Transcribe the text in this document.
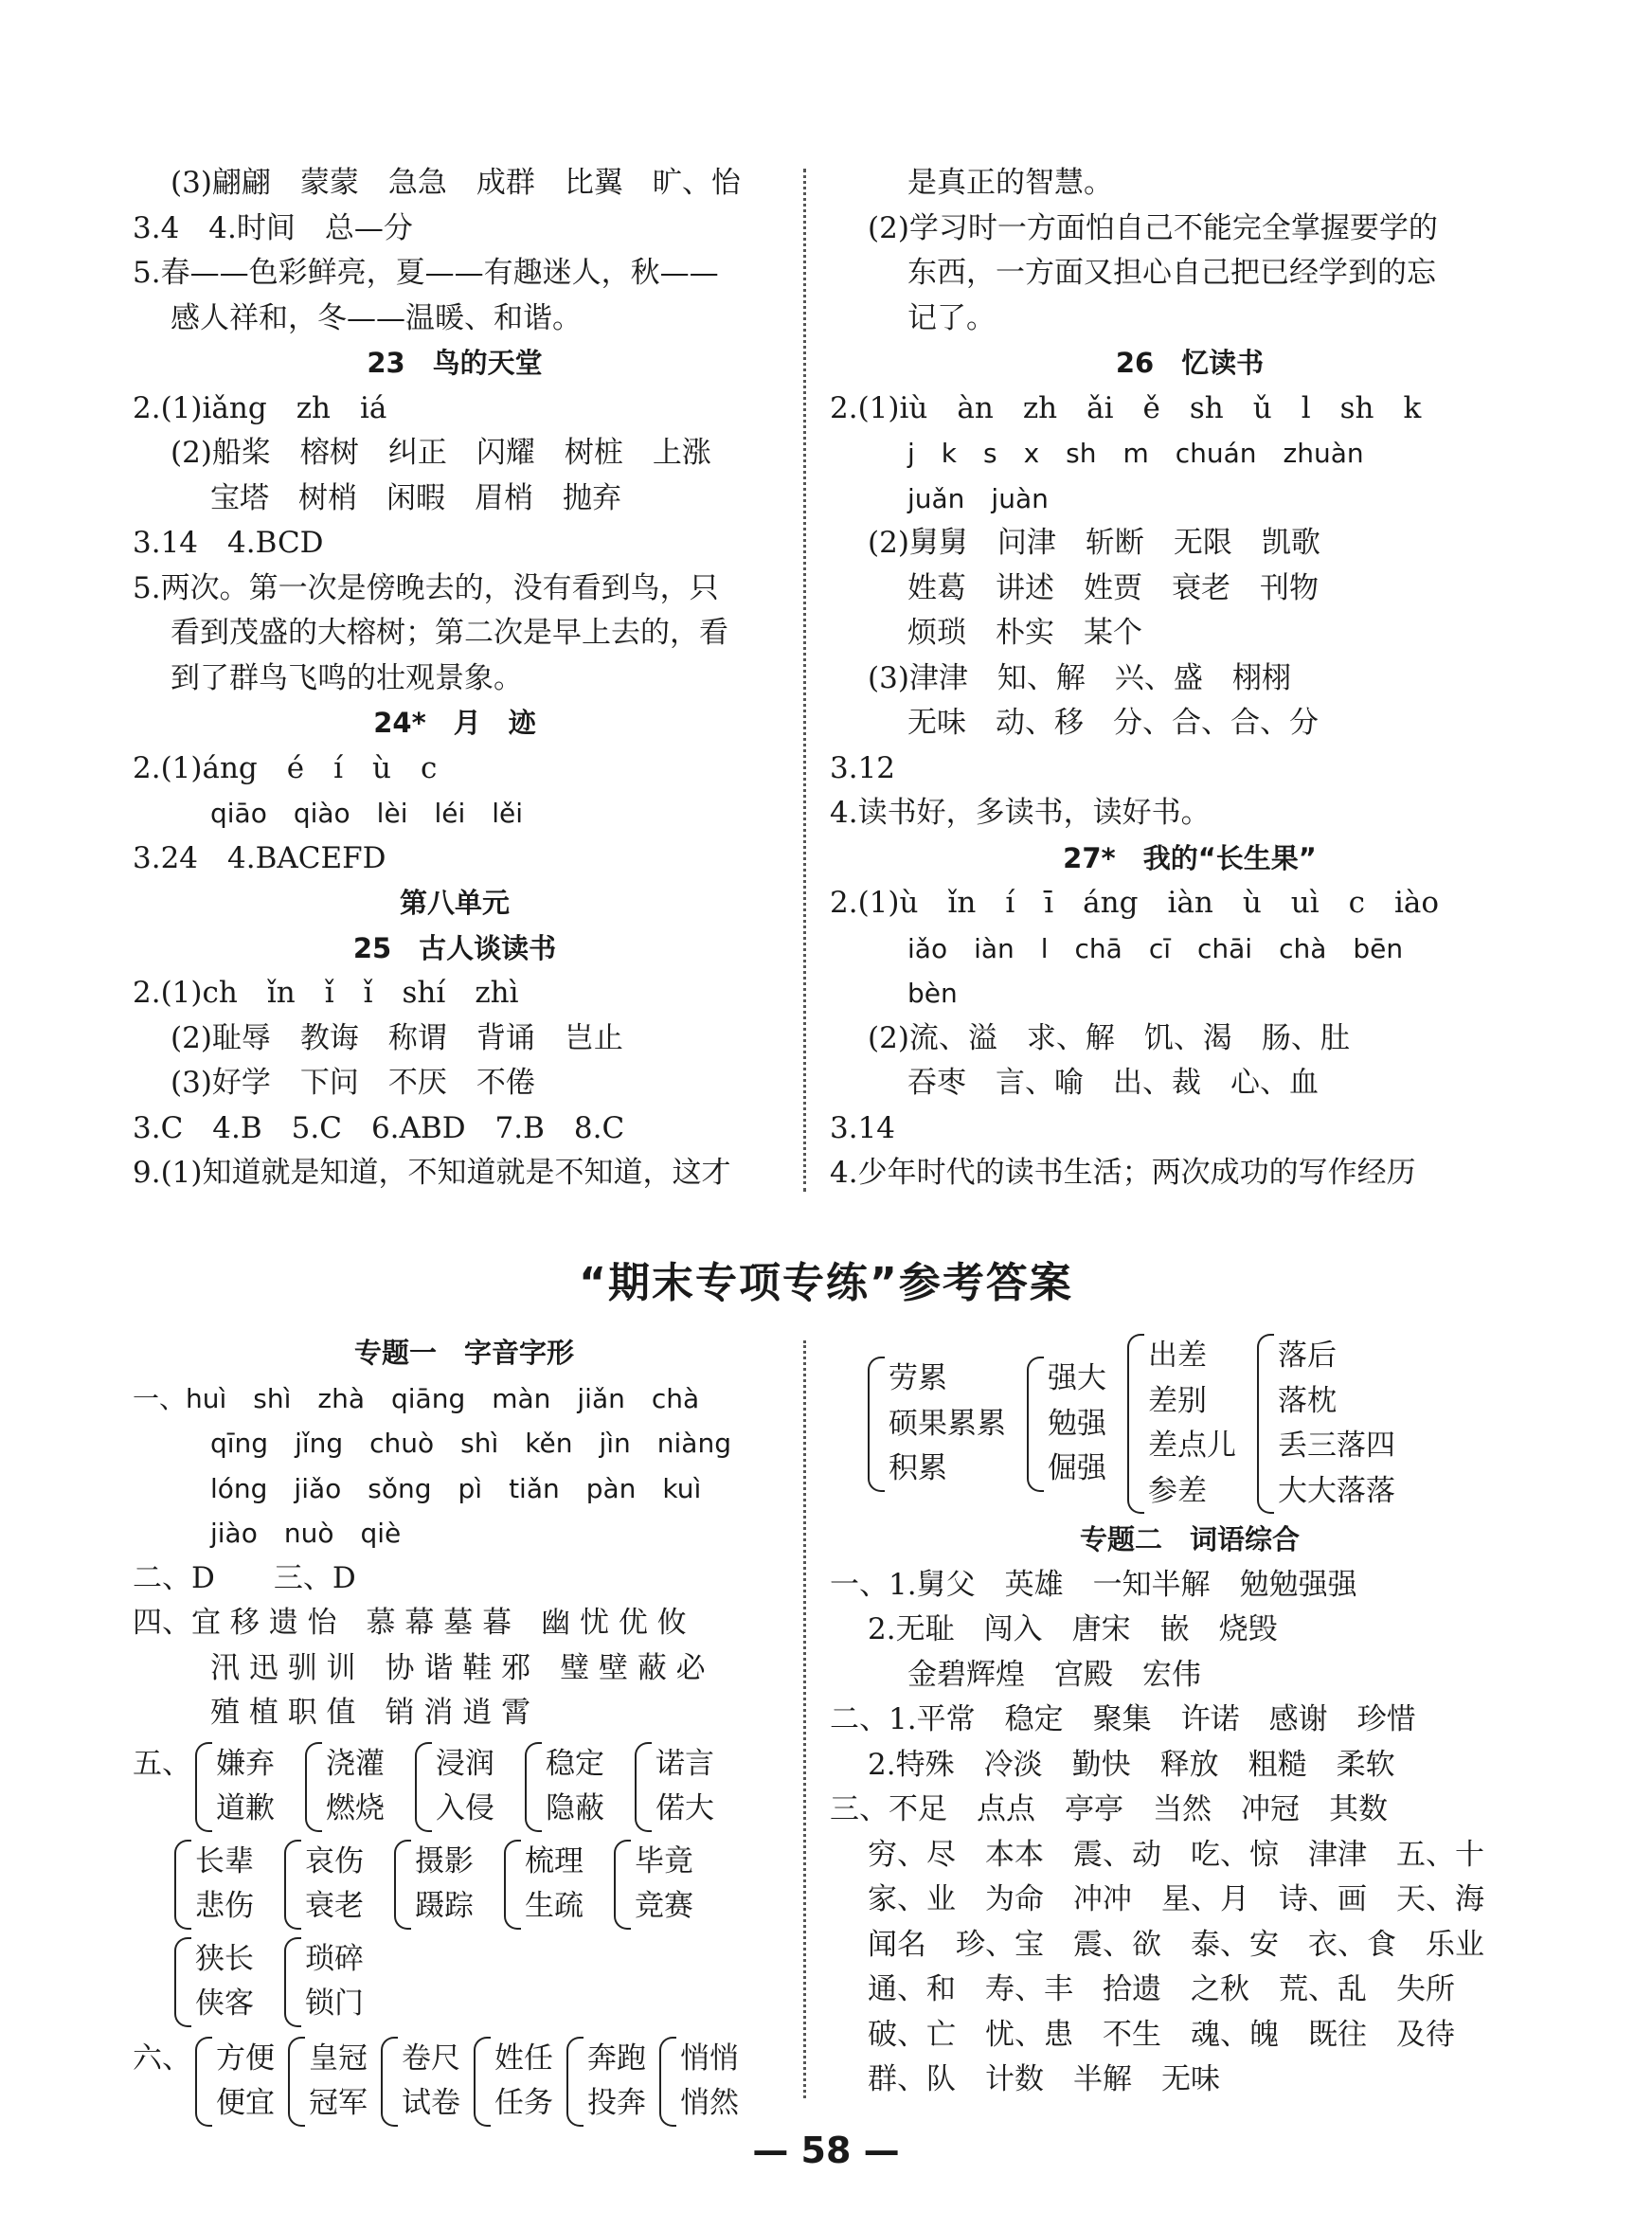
(3)翩翩　蒙蒙　急急　成群　比翼　旷、怡
3.4　4.时间　总—分
5.春——色彩鲜亮，夏——有趣迷人，秋——
感人祥和，冬——温暖、和谐。
23　鸟的天堂
2.(1)iǎng　zh　iá
(2)船桨　榕树　纠正　闪耀　树桩　上涨
宝塔　树梢　闲暇　眉梢　抛弃
3.14　4.BCD
5.两次。第一次是傍晚去的，没有看到鸟，只
看到茂盛的大榕树；第二次是早上去的，看
到了群鸟飞鸣的壮观景象。
24*　月　迹
2.(1)áng　é　í　ù　c
qiāo　qiào　lèi　léi　lěi
3.24　4.BACEFD
第八单元
25　古人谈读书
2.(1)ch　ǐn　ǐ　ǐ　shí　zhì
(2)耻辱　教诲　称谓　背诵　岂止
(3)好学　下问　不厌　不倦
3.C　4.B　5.C　6.ABD　7.B　8.C
9.(1)知道就是知道，不知道就是不知道，这才
是真正的智慧。
(2)学习时一方面怕自己不能完全掌握要学的
东西，一方面又担心自己把已经学到的忘
记了。
26　忆读书
2.(1)iù　àn　zh　ǎi　ě　sh　ǔ　l　sh　k
j　k　s　x　sh　m　chuán　zhuàn
juǎn　juàn
(2)舅舅　问津　斩断　无限　凯歌
姓葛　讲述　姓贾　衰老　刊物
烦琐　朴实　某个
(3)津津　知、解　兴、盛　栩栩
无味　动、移　分、合、合、分
3.12
4.读书好，多读书，读好书。
27*　我的“长生果”
2.(1)ù　ǐn　í　ī　áng　iàn　ù　uì　c　iào
iǎo　iàn　l　chā　cī　chāi　chà　bēn
bèn
(2)流、溢　求、解　饥、渴　肠、肚
吞枣　言、喻　出、裁　心、血
3.14
4.少年时代的读书生活；两次成功的写作经历
“期末专项专练”参考答案
专题一　字音字形
一、huì　shì　zhà　qiāng　màn　jiǎn　chà
qīng　jǐng　chuò　shì　kěn　jìn　niàng
lóng　jiǎo　sǒng　pì　tiǎn　pàn　kuì
jiào　nuò　qiè
二、D　　三、D
四、宜 移 遗 怡　慕 幕 墓 暮　幽 忧 优 攸
汛 迅 驯 训　协 谐 鞋 邪　璧 壁 蔽 必
殖 植 职 值　销 消 逍 霄
五、 嫌弃
道歉
浇灌
燃烧
浸润
入侵
稳定
隐蔽
诺言
偌大
长辈
悲伤
哀伤
衰老
摄影
蹑踪
梳理
生疏
毕竟
竞赛
狭长
侠客
琐碎
锁门
六、 方便
便宜
皇冠
冠军
卷尺
试卷
姓任
任务
奔跑
投奔
悄悄
悄然
劳累
硕果累累
积累
强大
勉强
倔强
出差
差别
差点儿
参差
落后
落枕
丢三落四
大大落落
专题二　词语综合
一、1.舅父　英雄　一知半解　勉勉强强
2.无耻　闯入　唐宋　嵌　烧毁
金碧辉煌　宫殿　宏伟
二、1.平常　稳定　聚集　许诺　感谢　珍惜
2.特殊　冷淡　勤快　释放　粗糙　柔软
三、不足　点点　亭亭　当然　冲冠　其数
穷、尽　本本　震、动　吃、惊　津津　五、十
家、业　为命　冲冲　星、月　诗、画　天、海
闻名　珍、宝　震、欲　泰、安　衣、食　乐业
通、和　寿、丰　拾遗　之秋　荒、乱　失所
破、亡　忧、患　不生　魂、魄　既往　及待
群、队　计数　半解　无味
— 58 —
